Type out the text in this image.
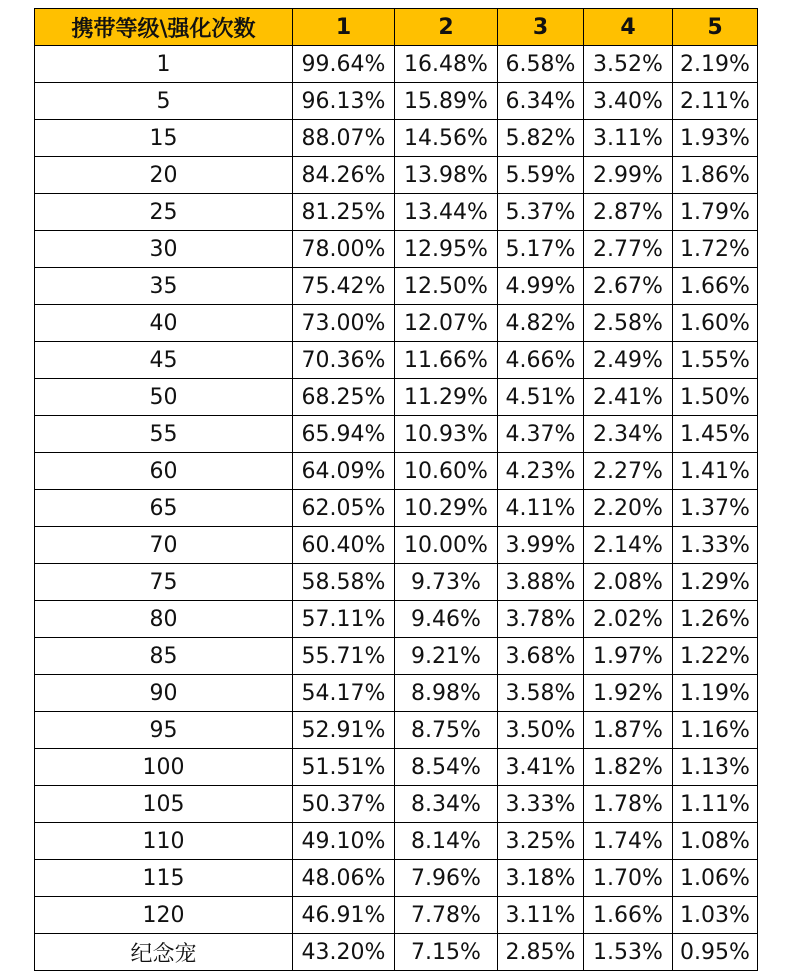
携带等级\强化次数	1	2	3	4	5
1	99.64%	16.48%	6.58%	3.52%	2.19%
5	96.13%	15.89%	6.34%	3.40%	2.11%
15	88.07%	14.56%	5.82%	3.11%	1.93%
20	84.26%	13.98%	5.59%	2.99%	1.86%
25	81.25%	13.44%	5.37%	2.87%	1.79%
30	78.00%	12.95%	5.17%	2.77%	1.72%
35	75.42%	12.50%	4.99%	2.67%	1.66%
40	73.00%	12.07%	4.82%	2.58%	1.60%
45	70.36%	11.66%	4.66%	2.49%	1.55%
50	68.25%	11.29%	4.51%	2.41%	1.50%
55	65.94%	10.93%	4.37%	2.34%	1.45%
60	64.09%	10.60%	4.23%	2.27%	1.41%
65	62.05%	10.29%	4.11%	2.20%	1.37%
70	60.40%	10.00%	3.99%	2.14%	1.33%
75	58.58%	9.73%	3.88%	2.08%	1.29%
80	57.11%	9.46%	3.78%	2.02%	1.26%
85	55.71%	9.21%	3.68%	1.97%	1.22%
90	54.17%	8.98%	3.58%	1.92%	1.19%
95	52.91%	8.75%	3.50%	1.87%	1.16%
100	51.51%	8.54%	3.41%	1.82%	1.13%
105	50.37%	8.34%	3.33%	1.78%	1.11%
110	49.10%	8.14%	3.25%	1.74%	1.08%
115	48.06%	7.96%	3.18%	1.70%	1.06%
120	46.91%	7.78%	3.11%	1.66%	1.03%
纪念宠	43.20%	7.15%	2.85%	1.53%	0.95%
